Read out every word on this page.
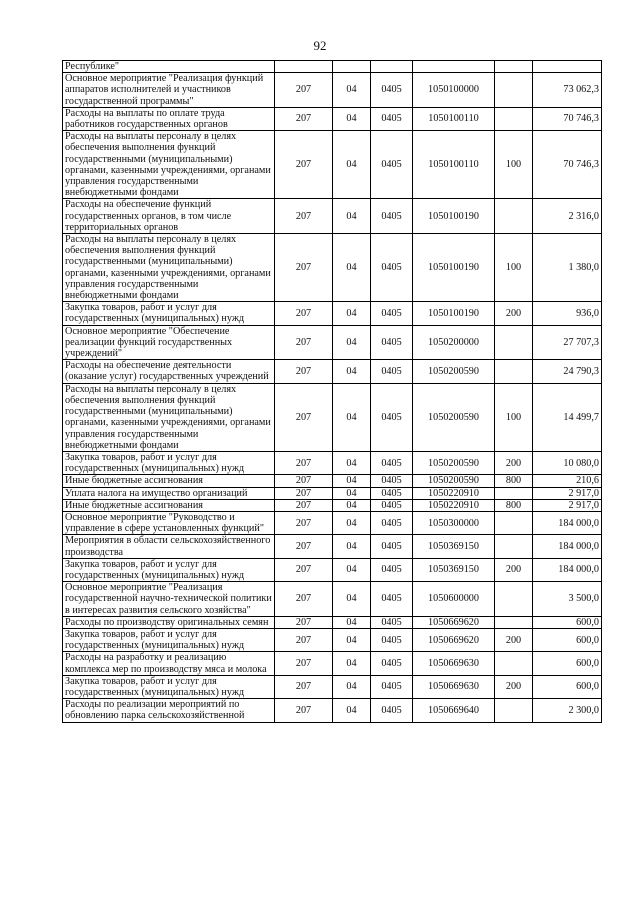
92
Республике"						
Основное мероприятие "Реализация функций аппаратов исполнителей и участников государственной программы"	207	04	0405	1050100000		73 062,3
Расходы на выплаты по оплате труда работников государственных органов	207	04	0405	1050100110		70 746,3
Расходы на выплаты персоналу в целях обеспечения выполнения функций государственными (муниципальными) органами, казенными учреждениями, органами управления государственными внебюджетными фондами	207	04	0405	1050100110	100	70 746,3
Расходы на обеспечение функций государственных органов, в том числе территориальных органов	207	04	0405	1050100190		2 316,0
Расходы на выплаты персоналу в целях обеспечения выполнения функций государственными (муниципальными) органами, казенными учреждениями, органами управления государственными внебюджетными фондами	207	04	0405	1050100190	100	1 380,0
Закупка товаров, работ и услуг для государственных (муниципальных) нужд	207	04	0405	1050100190	200	936,0
Основное мероприятие "Обеспечение реализации функций государственных учреждений"	207	04	0405	1050200000		27 707,3
Расходы на обеспечение деятельности (оказание услуг) государственных учреждений	207	04	0405	1050200590		24 790,3
Расходы на выплаты персоналу в целях обеспечения выполнения функций государственными (муниципальными) органами, казенными учреждениями, органами управления государственными внебюджетными фондами	207	04	0405	1050200590	100	14 499,7
Закупка товаров, работ и услуг для государственных (муниципальных) нужд	207	04	0405	1050200590	200	10 080,0
Иные бюджетные ассигнования	207	04	0405	1050200590	800	210,6
Уплата налога на имущество организаций	207	04	0405	1050220910		2 917,0
Иные бюджетные ассигнования	207	04	0405	1050220910	800	2 917,0
Основное мероприятие "Руководство и управление в сфере установленных функций"	207	04	0405	1050300000		184 000,0
Мероприятия в области сельскохозяйственного производства	207	04	0405	1050369150		184 000,0
Закупка товаров, работ и услуг для государственных (муниципальных) нужд	207	04	0405	1050369150	200	184 000,0
Основное мероприятие "Реализация государственной научно-технической политики в интересах развития сельского хозяйства"	207	04	0405	1050600000		3 500,0
Расходы по производству оригинальных семян	207	04	0405	1050669620		600,0
Закупка товаров, работ и услуг для государственных (муниципальных) нужд	207	04	0405	1050669620	200	600,0
Расходы на разработку и реализацию комплекса мер по производству мяса и молока	207	04	0405	1050669630		600,0
Закупка товаров, работ и услуг для государственных (муниципальных) нужд	207	04	0405	1050669630	200	600,0
Расходы по реализации мероприятий по обновлению парка сельскохозяйственной	207	04	0405	1050669640		2 300,0
